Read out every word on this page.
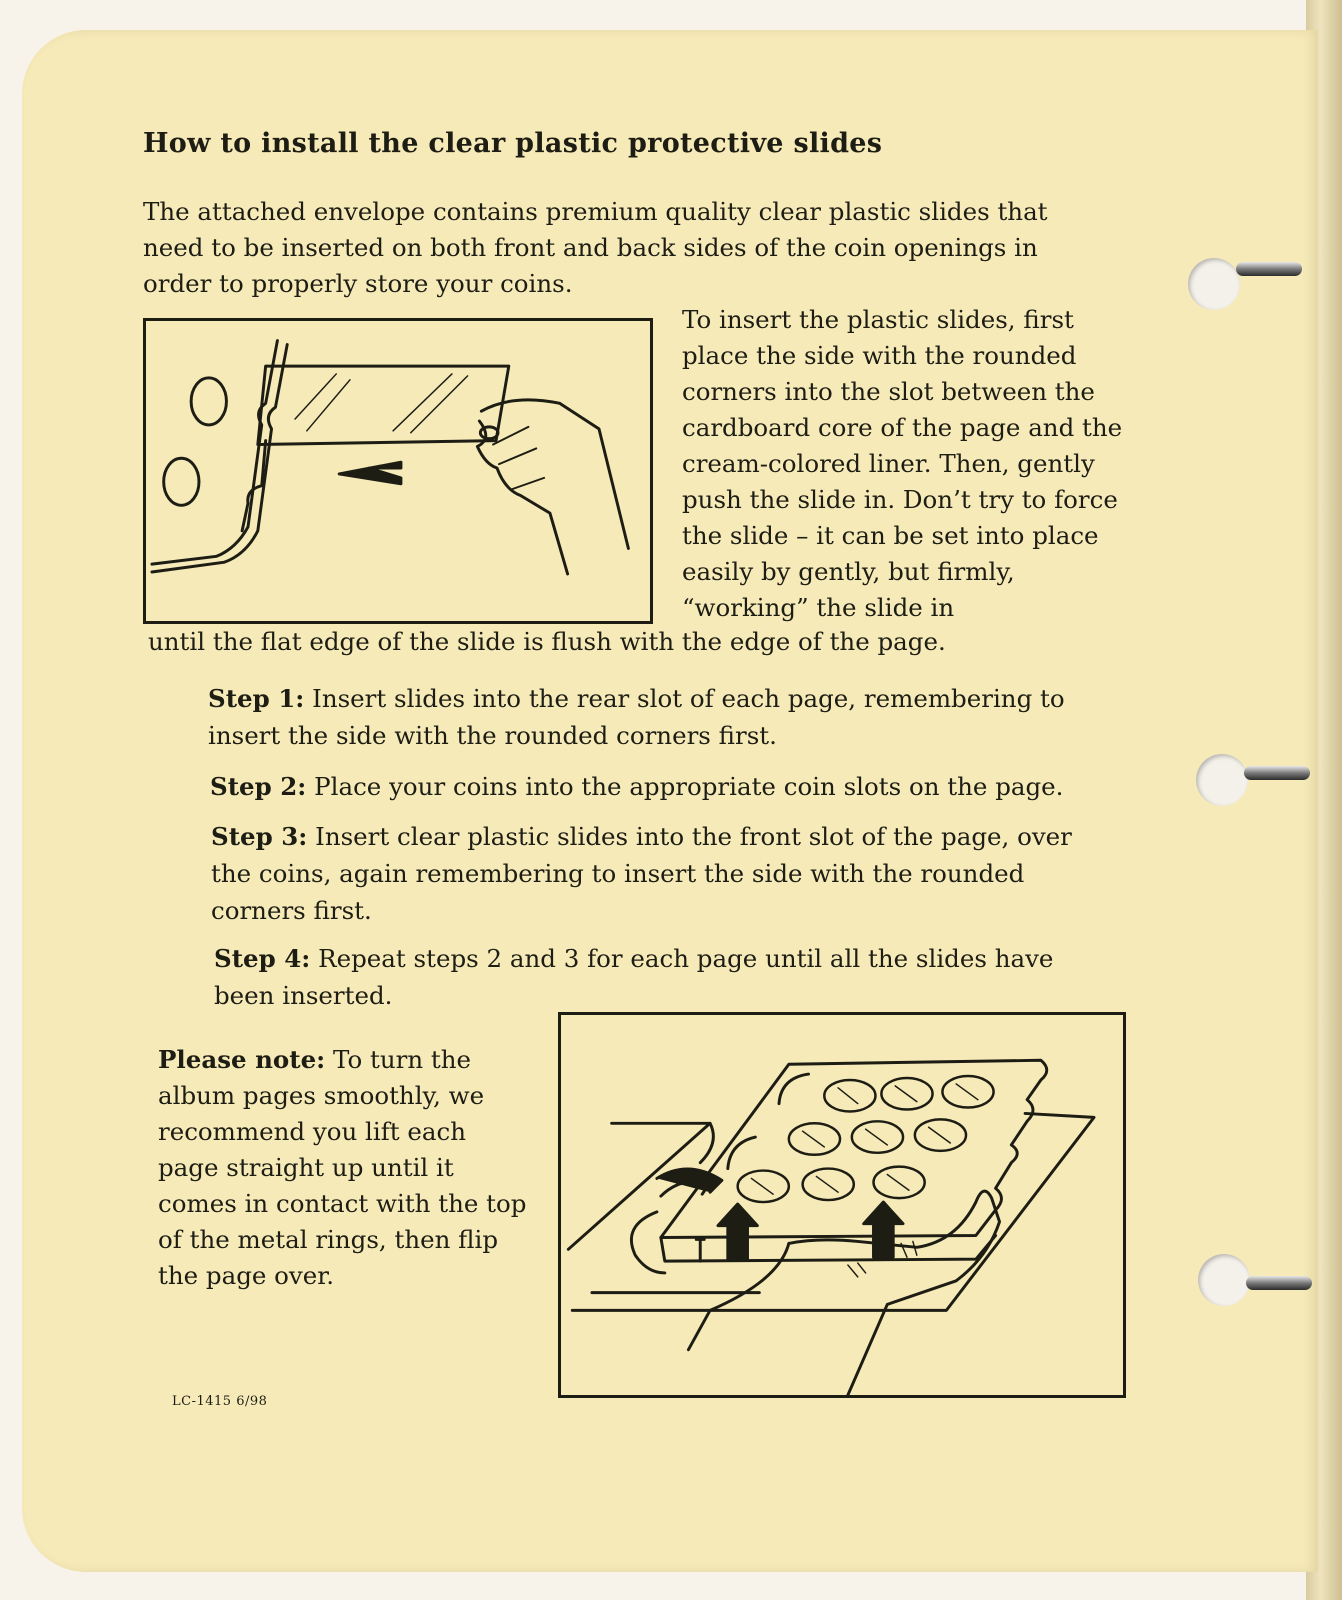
How to install the clear plastic protective slides
The attached envelope contains premium quality clear plastic slides that need to be inserted on both front and back sides of the coin openings in order to properly store your coins.
To insert the plastic slides, first place the side with the rounded corners into the slot between the cardboard core of the page and the cream-colored liner. Then, gently push the slide in. Don’t try to force the slide – it can be set into place easily by gently, but firmly, “working” the slide in
until the flat edge of the slide is flush with the edge of the page.
Step 1: Insert slides into the rear slot of each page, remembering to insert the side with the rounded corners first.
Step 2: Place your coins into the appropriate coin slots on the page.
Step 3: Insert clear plastic slides into the front slot of the page, over the coins, again remembering to insert the side with the rounded corners first.
Step 4: Repeat steps 2 and 3 for each page until all the slides have been inserted.
Please note: To turn the album pages smoothly, we recommend you lift each page straight up until it comes in contact with the top of the metal rings, then flip the page over.
LC-1415 6/98
